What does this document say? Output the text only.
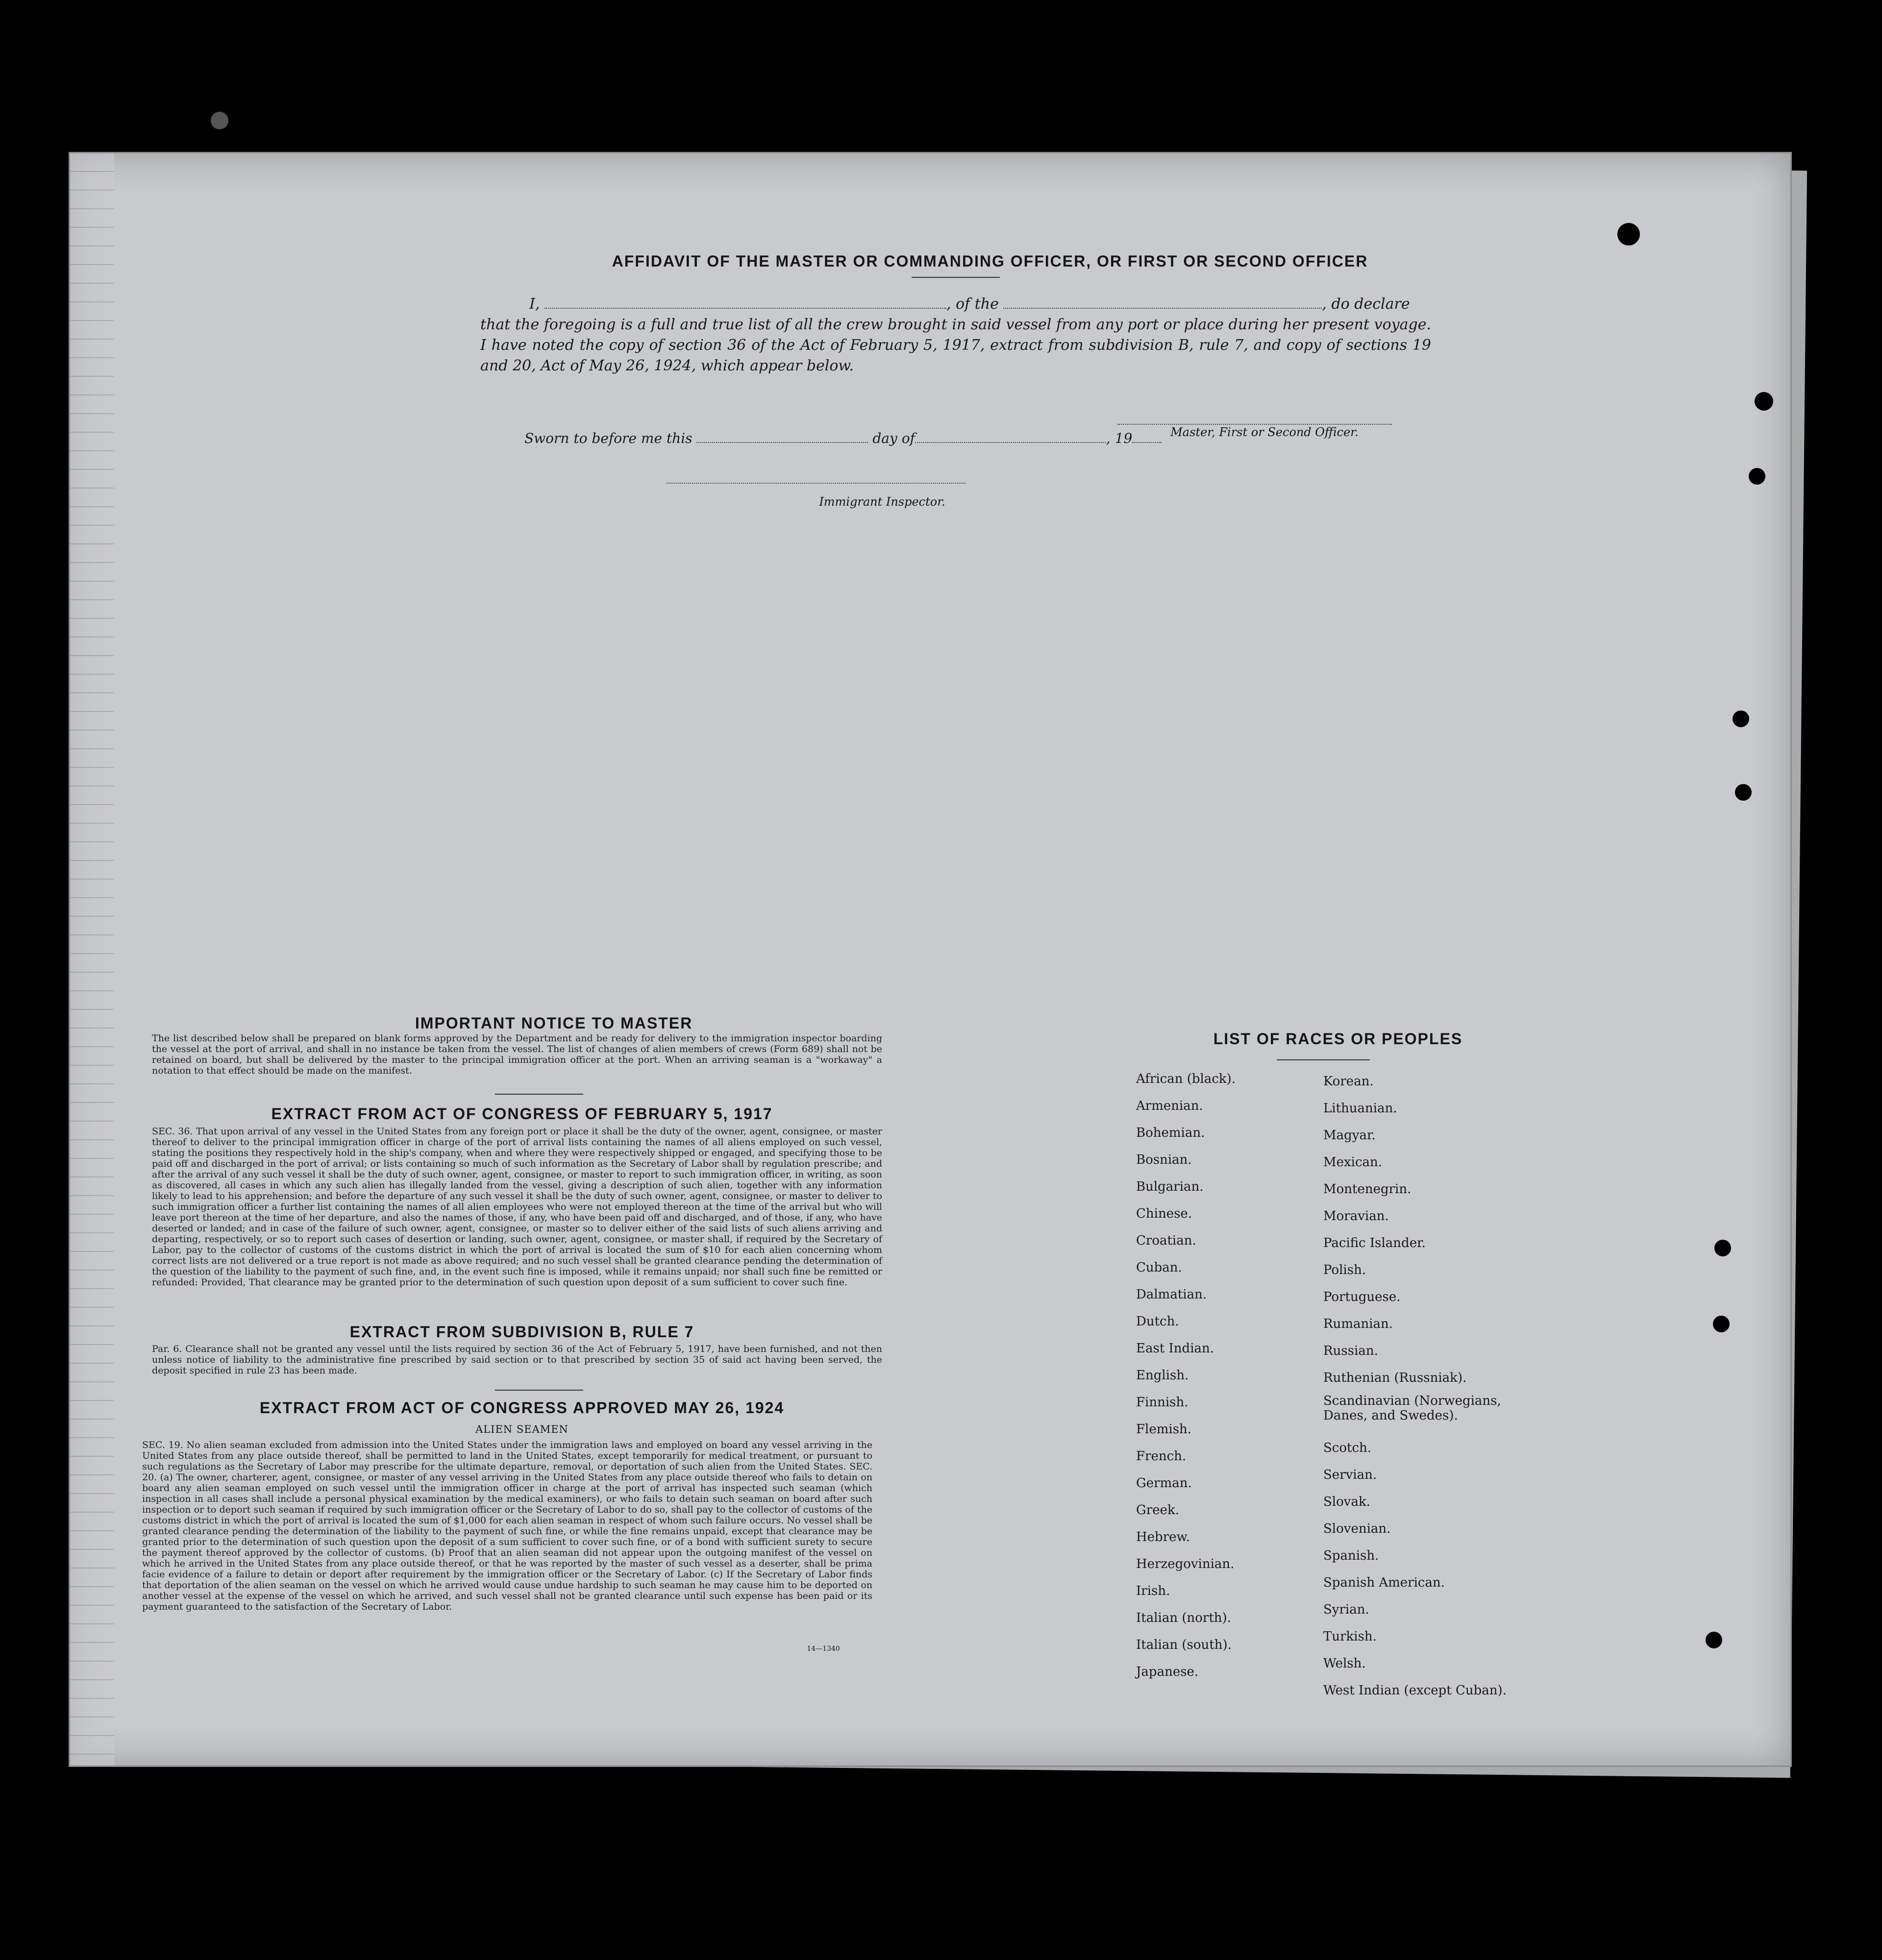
AFFIDAVIT OF THE MASTER OR COMMANDING OFFICER, OR FIRST OR SECOND OFFICER
I,	, of the	, do declare
that the foregoing is a full and true list of all the crew brought in said vessel from any port or place during her present voyage. I have noted the copy of section 36 of the Act of February 5, 1917, extract from subdivision B, rule 7, and copy of sections 19 and 20, Act of May 26, 1924, which appear below.
Master, First or Second Officer.
Sworn to before me this	day of	, 19
Immigrant Inspector.
IMPORTANT NOTICE TO MASTER
The list described below shall be prepared on blank forms approved by the Department and be ready for delivery to the immigration inspector boarding the vessel at the port of arrival, and shall in no instance be taken from the vessel. The list of changes of alien members of crews (Form 689) shall not be retained on board, but shall be delivered by the master to the principal immigration officer at the port. When an arriving seaman is a "workaway" a notation to that effect should be made on the manifest.
EXTRACT FROM ACT OF CONGRESS OF FEBRUARY 5, 1917
SEC. 36. That upon arrival of any vessel in the United States from any foreign port or place it shall be the duty of the owner, agent, consignee, or master thereof to deliver to the principal immigration officer in charge of the port of arrival lists containing the names of all aliens employed on such vessel, stating the positions they respectively hold in the ship's company, when and where they were respectively shipped or engaged, and specifying those to be paid off and discharged in the port of arrival; or lists containing so much of such information as the Secretary of Labor shall by regulation prescribe; and after the arrival of any such vessel it shall be the duty of such owner, agent, consignee, or master to report to such immigration officer, in writing, as soon as discovered, all cases in which any such alien has illegally landed from the vessel, giving a description of such alien, together with any information likely to lead to his apprehension; and before the departure of any such vessel it shall be the duty of such owner, agent, consignee, or master to deliver to such immigration officer a further list containing the names of all alien employees who were not employed thereon at the time of the arrival but who will leave port thereon at the time of her departure, and also the names of those, if any, who have been paid off and discharged, and of those, if any, who have deserted or landed; and in case of the failure of such owner, agent, consignee, or master so to deliver either of the said lists of such aliens arriving and departing, respectively, or so to report such cases of desertion or landing, such owner, agent, consignee, or master shall, if required by the Secretary of Labor, pay to the collector of customs of the customs district in which the port of arrival is located the sum of $10 for each alien concerning whom correct lists are not delivered or a true report is not made as above required; and no such vessel shall be granted clearance pending the determination of the question of the liability to the payment of such fine, and, in the event such fine is imposed, while it remains unpaid; nor shall such fine be remitted or refunded: Provided, That clearance may be granted prior to the determination of such question upon deposit of a sum sufficient to cover such fine.
EXTRACT FROM SUBDIVISION B, RULE 7
Par. 6. Clearance shall not be granted any vessel until the lists required by section 36 of the Act of February 5, 1917, have been furnished, and not then unless notice of liability to the administrative fine prescribed by said section or to that prescribed by section 35 of said act having been served, the deposit specified in rule 23 has been made.
EXTRACT FROM ACT OF CONGRESS APPROVED MAY 26, 1924
ALIEN SEAMEN
SEC. 19. No alien seaman excluded from admission into the United States under the immigration laws and employed on board any vessel arriving in the United States from any place outside thereof, shall be permitted to land in the United States, except temporarily for medical treatment, or pursuant to such regulations as the Secretary of Labor may prescribe for the ultimate departure, removal, or deportation of such alien from the United States. SEC. 20. (a) The owner, charterer, agent, consignee, or master of any vessel arriving in the United States from any place outside thereof who fails to detain on board any alien seaman employed on such vessel until the immigration officer in charge at the port of arrival has inspected such seaman (which inspection in all cases shall include a personal physical examination by the medical examiners), or who fails to detain such seaman on board after such inspection or to deport such seaman if required by such immigration officer or the Secretary of Labor to do so, shall pay to the collector of customs of the customs district in which the port of arrival is located the sum of $1,000 for each alien seaman in respect of whom such failure occurs. No vessel shall be granted clearance pending the determination of the liability to the payment of such fine, or while the fine remains unpaid, except that clearance may be granted prior to the determination of such question upon the deposit of a sum sufficient to cover such fine, or of a bond with sufficient surety to secure the payment thereof approved by the collector of customs. (b) Proof that an alien seaman did not appear upon the outgoing manifest of the vessel on which he arrived in the United States from any place outside thereof, or that he was reported by the master of such vessel as a deserter, shall be prima facie evidence of a failure to detain or deport after requirement by the immigration officer or the Secretary of Labor. (c) If the Secretary of Labor finds that deportation of the alien seaman on the vessel on which he arrived would cause undue hardship to such seaman he may cause him to be deported on another vessel at the expense of the vessel on which he arrived, and such vessel shall not be granted clearance until such expense has been paid or its payment guaranteed to the satisfaction of the Secretary of Labor.
14—1340
LIST OF RACES OR PEOPLES
African (black).
Armenian.
Bohemian.
Bosnian.
Bulgarian.
Chinese.
Croatian.
Cuban.
Dalmatian.
Dutch.
East Indian.
English.
Finnish.
Flemish.
French.
German.
Greek.
Hebrew.
Herzegovinian.
Irish.
Italian (north).
Italian (south).
Japanese.
Korean.
Lithuanian.
Magyar.
Mexican.
Montenegrin.
Moravian.
Pacific Islander.
Polish.
Portuguese.
Rumanian.
Russian.
Ruthenian (Russniak).
Scandinavian (Norwegians, Danes, and Swedes).
Scotch.
Servian.
Slovak.
Slovenian.
Spanish.
Spanish American.
Syrian.
Turkish.
Welsh.
West Indian (except Cuban).
